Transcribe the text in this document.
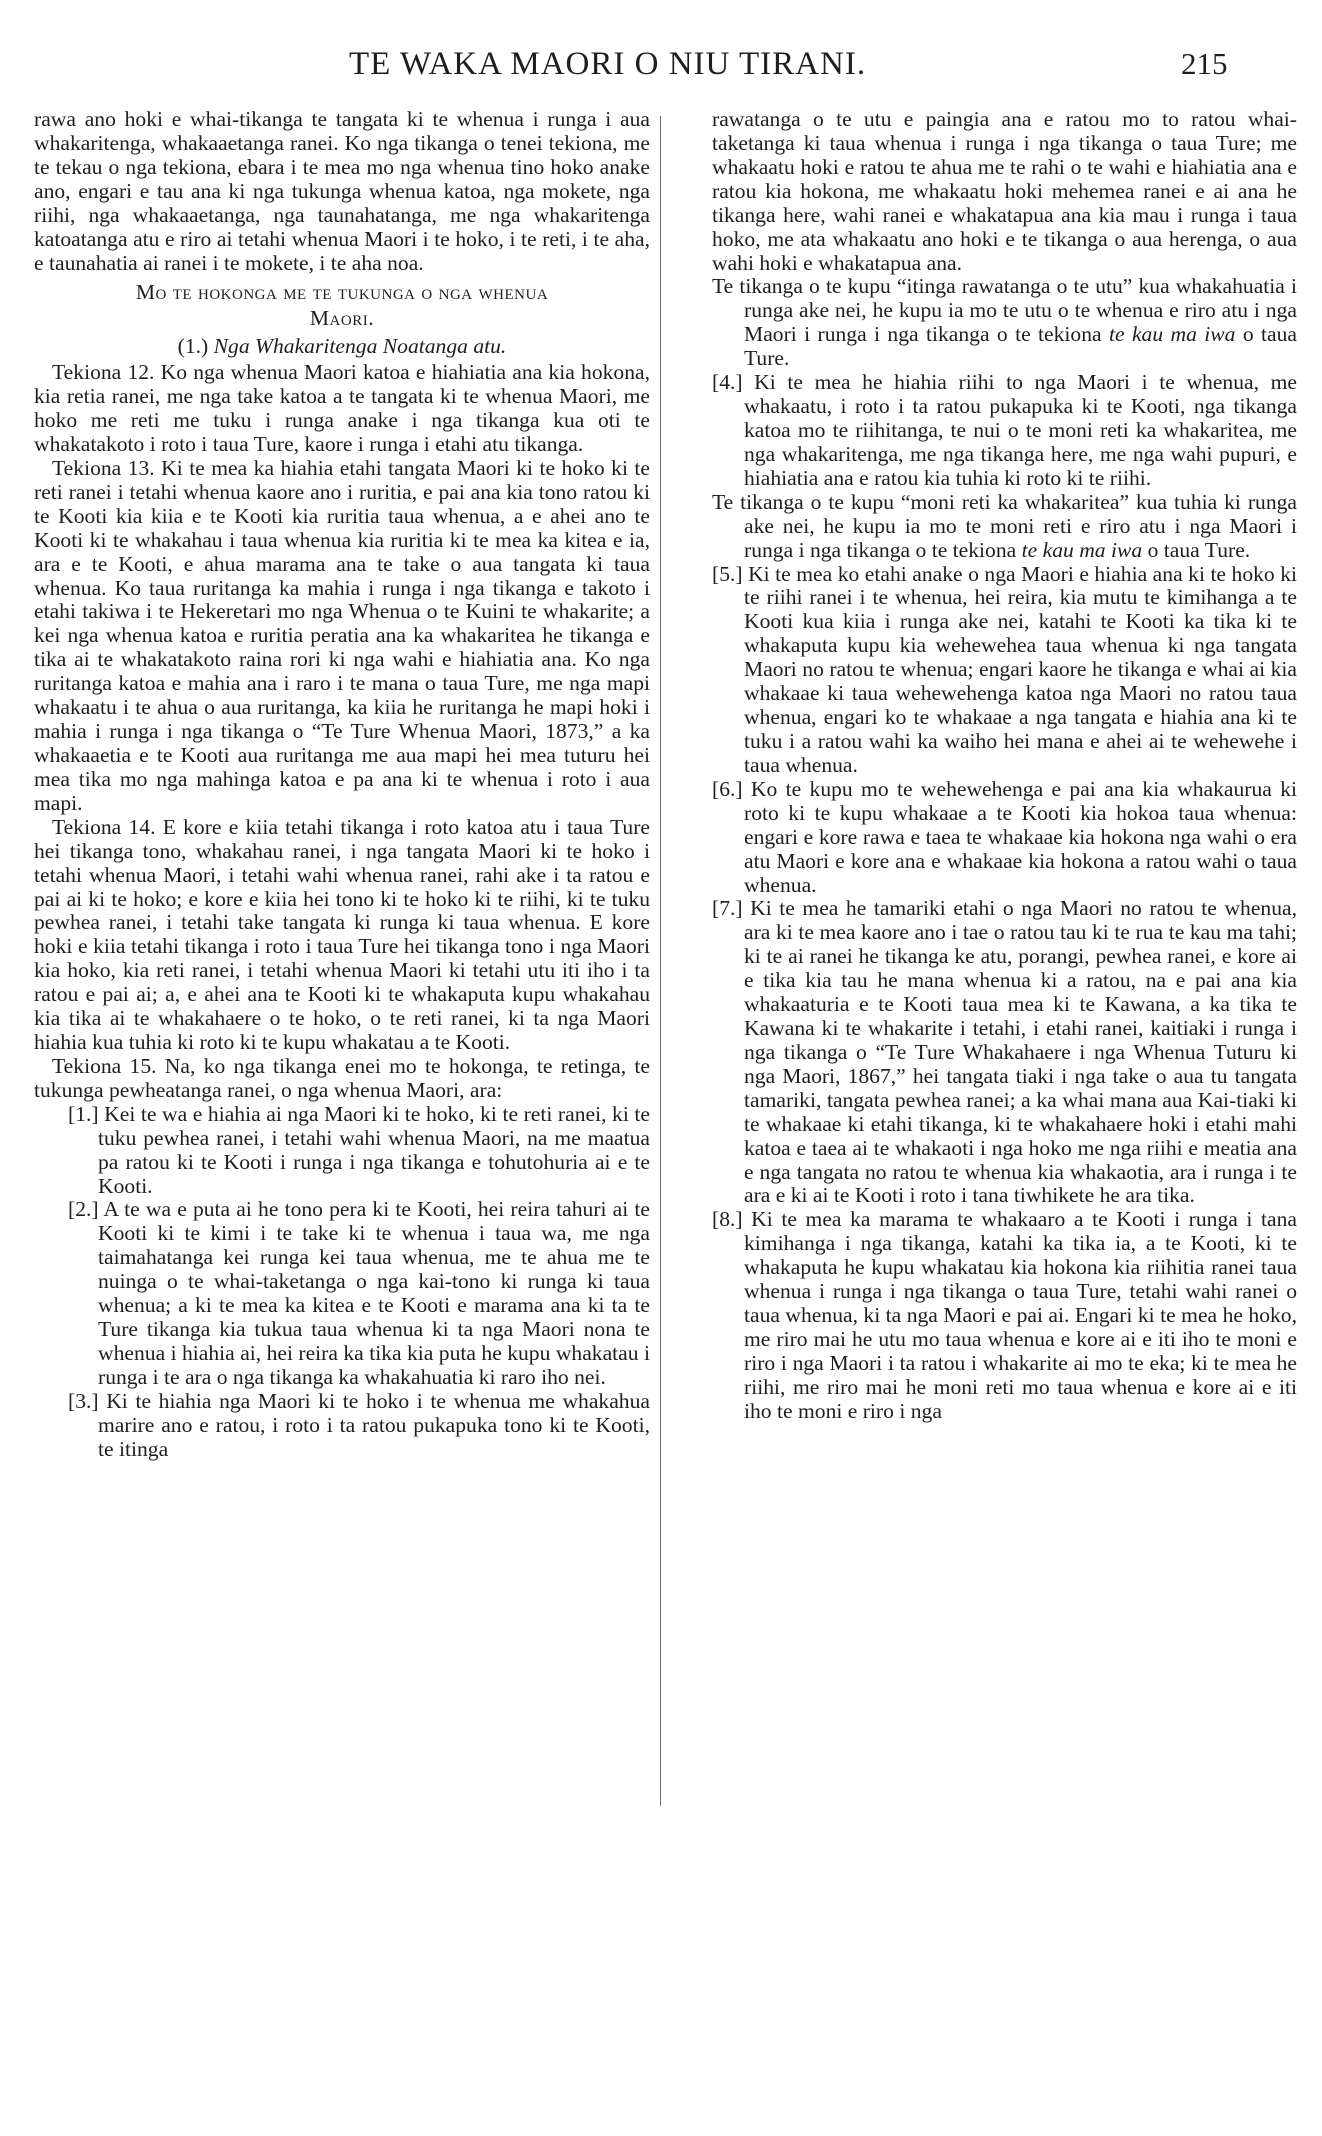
TE WAKA MAORI O NIU TIRANI.	215

rawa ano hoki e whai-tikanga te tangata ki te whenua i runga i aua whakaritenga, whakaaetanga ranei. Ko nga tikanga o tenei tekiona, me te tekau o nga tekiona, ebara i te mea mo nga whenua tino hoko anake ano, engari e tau ana ki nga tukunga whenua katoa, nga mokete, nga riihi, nga whakaaetanga, nga taunahatanga, me nga whakaritenga katoatanga atu e riro ai tetahi whenua Maori i te hoko, i te reti, i te aha, e taunahatia ai ranei i te mokete, i te aha noa.

Mo te hokonga me te tukunga o nga whenua

Maori.

(1.) Nga Whakaritenga Noatanga atu.

Tekiona 12. Ko nga whenua Maori katoa e hiahiatia ana kia hokona, kia retia ranei, me nga take katoa a te tangata ki te whenua Maori, me hoko me reti me tuku i runga anake i nga tikanga kua oti te whakatakoto i roto i taua Ture, kaore i runga i etahi atu tikanga.

Tekiona 13. Ki te mea ka hiahia etahi tangata Maori ki te hoko ki te reti ranei i tetahi whenua kaore ano i ruritia, e pai ana kia tono ratou ki te Kooti kia kiia e te Kooti kia ruritia taua whenua, a e ahei ano te Kooti ki te whakahau i taua whenua kia ruritia ki te mea ka kitea e ia, ara e te Kooti, e ahua marama ana te take o aua tangata ki taua whenua. Ko taua ruritanga ka mahia i runga i nga tikanga e takoto i etahi takiwa i te Hekeretari mo nga Whenua o te Kuini te whakarite; a kei nga whenua katoa e ruritia peratia ana ka whakaritea he tikanga e tika ai te whakatakoto raina rori ki nga wahi e hiahiatia ana. Ko nga ruritanga katoa e mahia ana i raro i te mana o taua Ture, me nga mapi whakaatu i te ahua o aua ruritanga, ka kiia he ruritanga he mapi hoki i mahia i runga i nga tikanga o “Te Ture Whenua Maori, 1873,” a ka whakaaetia e te Kooti aua ruritanga me aua mapi hei mea tuturu hei mea tika mo nga mahinga katoa e pa ana ki te whenua i roto i aua mapi.

Tekiona 14. E kore e kiia tetahi tikanga i roto katoa atu i taua Ture hei tikanga tono, whakahau ranei, i nga tangata Maori ki te hoko i tetahi whenua Maori, i tetahi wahi whenua ranei, rahi ake i ta ratou e pai ai ki te hoko; e kore e kiia hei tono ki te hoko ki te riihi, ki te tuku pewhea ranei, i tetahi take tangata ki runga ki taua whenua. E kore hoki e kiia tetahi tikanga i roto i taua Ture hei tikanga tono i nga Maori kia hoko, kia reti ranei, i tetahi whenua Maori ki tetahi utu iti iho i ta ratou e pai ai; a, e ahei ana te Kooti ki te whakaputa kupu whakahau kia tika ai te whakahaere o te hoko, o te reti ranei, ki ta nga Maori hiahia kua tuhia ki roto ki te kupu whakatau a te Kooti.

Tekiona 15. Na, ko nga tikanga enei mo te hokonga, te retinga, te tukunga pewheatanga ranei, o nga whenua Maori, ara:

[1.] Kei te wa e hiahia ai nga Maori ki te hoko, ki te reti ranei, ki te tuku pewhea ranei, i tetahi wahi whenua Maori, na me maatua pa ratou ki te Kooti i runga i nga tikanga e tohutohuria ai e te Kooti.

[2.] A te wa e puta ai he tono pera ki te Kooti, hei reira tahuri ai te Kooti ki te kimi i te take ki te whenua i taua wa, me nga taimahatanga kei runga kei taua whenua, me te ahua me te nuinga o te whai-taketanga o nga kai-tono ki runga ki taua whenua; a ki te mea ka kitea e te Kooti e marama ana ki ta te Ture tikanga kia tukua taua whenua ki ta nga Maori nona te whenua i hiahia ai, hei reira ka tika kia puta he kupu whakatau i runga i te ara o nga tikanga ka whakahuatia ki raro iho nei.

[3.] Ki te hiahia nga Maori ki te hoko i te whenua me whakahua marire ano e ratou, i roto i ta ratou pukapuka tono ki te Kooti, te itinga

rawatanga o te utu e paingia ana e ratou mo to ratou whai-taketanga ki taua whenua i runga i nga tikanga o taua Ture; me whakaatu hoki e ratou te ahua me te rahi o te wahi e hiahiatia ana e ratou kia hokona, me whakaatu hoki mehemea ranei e ai ana he tikanga here, wahi ranei e whakatapua ana kia mau i runga i taua hoko, me ata whakaatu ano hoki e te tikanga o aua herenga, o aua wahi hoki e whakatapua ana.

Te tikanga o te kupu “itinga rawatanga o te utu” kua whakahuatia i runga ake nei, he kupu ia mo te utu o te whenua e riro atu i nga Maori i runga i nga tikanga o te tekiona te kau ma iwa o taua Ture.

[4.] Ki te mea he hiahia riihi to nga Maori i te whenua, me whakaatu, i roto i ta ratou pukapuka ki te Kooti, nga tikanga katoa mo te riihitanga, te nui o te moni reti ka whakaritea, me nga whakaritenga, me nga tikanga here, me nga wahi pupuri, e hiahiatia ana e ratou kia tuhia ki roto ki te riihi.

Te tikanga o te kupu “moni reti ka whakaritea” kua tuhia ki runga ake nei, he kupu ia mo te moni reti e riro atu i nga Maori i runga i nga tikanga o te tekiona te kau ma iwa o taua Ture.

[5.] Ki te mea ko etahi anake o nga Maori e hiahia ana ki te hoko ki te riihi ranei i te whenua, hei reira, kia mutu te kimihanga a te Kooti kua kiia i runga ake nei, katahi te Kooti ka tika ki te whakaputa kupu kia wehewehea taua whenua ki nga tangata Maori no ratou te whenua; engari kaore he tikanga e whai ai kia whakaae ki taua wehewehenga katoa nga Maori no ratou taua whenua, engari ko te whakaae a nga tangata e hiahia ana ki te tuku i a ratou wahi ka waiho hei mana e ahei ai te wehewehe i taua whenua.

[6.] Ko te kupu mo te wehewehenga e pai ana kia whakaurua ki roto ki te kupu whakaae a te Kooti kia hokoa taua whenua: engari e kore rawa e taea te whakaae kia hokona nga wahi o era atu Maori e kore ana e whakaae kia hokona a ratou wahi o taua whenua.

[7.] Ki te mea he tamariki etahi o nga Maori no ratou te whenua, ara ki te mea kaore ano i tae o ratou tau ki te rua te kau ma tahi; ki te ai ranei he tikanga ke atu, porangi, pewhea ranei, e kore ai e tika kia tau he mana whenua ki a ratou, na e pai ana kia whakaaturia e te Kooti taua mea ki te Kawana, a ka tika te Kawana ki te whakarite i tetahi, i etahi ranei, kaitiaki i runga i nga tikanga o “Te Ture Whakahaere i nga Whenua Tuturu ki nga Maori, 1867,” hei tangata tiaki i nga take o aua tu tangata tamariki, tangata pewhea ranei; a ka whai mana aua Kai-tiaki ki te whakaae ki etahi tikanga, ki te whakahaere hoki i etahi mahi katoa e taea ai te whakaoti i nga hoko me nga riihi e meatia ana e nga tangata no ratou te whenua kia whakaotia, ara i runga i te ara e ki ai te Kooti i roto i tana tiwhikete he ara tika.

[8.] Ki te mea ka marama te whakaaro a te Kooti i runga i tana kimihanga i nga tikanga, katahi ka tika ia, a te Kooti, ki te whakaputa he kupu whakatau kia hokona kia riihitia ranei taua whenua i runga i nga tikanga o taua Ture, tetahi wahi ranei o taua whenua, ki ta nga Maori e pai ai. Engari ki te mea he hoko, me riro mai he utu mo taua whenua e kore ai e iti iho te moni e riro i nga Maori i ta ratou i whakarite ai mo te eka; ki te mea he riihi, me riro mai he moni reti mo taua whenua e kore ai e iti iho te moni e riro i nga
